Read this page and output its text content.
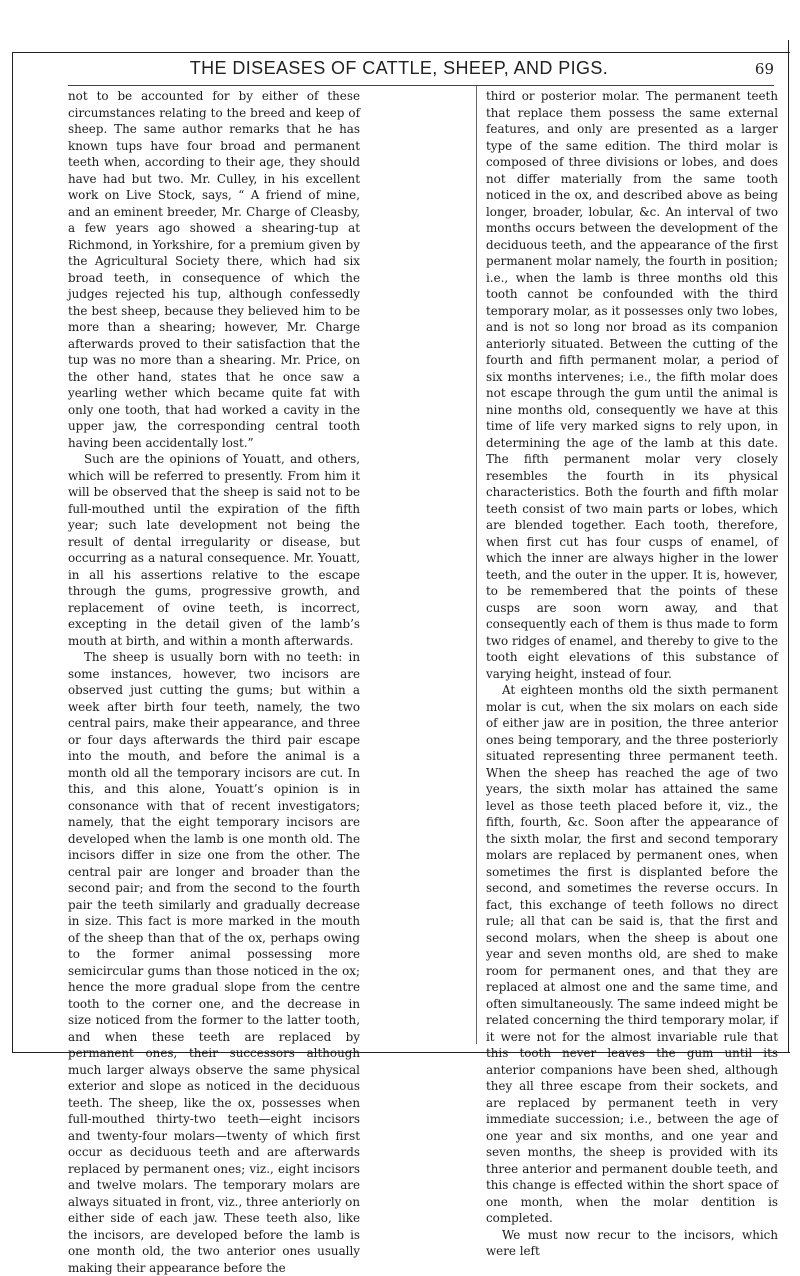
THE DISEASES OF CATTLE, SHEEP, AND PIGS.	69

not to be accounted for by either of these circumstances relating to the breed and keep of sheep. The same author remarks that he has known tups have four broad and permanent teeth when, according to their age, they should have had but two. Mr. Culley, in his excellent work on Live Stock, says, “ A friend of mine, and an eminent breeder, Mr. Charge of Cleasby, a few years ago showed a shearing-tup at Richmond, in Yorkshire, for a premium given by the Agricultural Society there, which had six broad teeth, in consequence of which the judges rejected his tup, although confessedly the best sheep, because they believed him to be more than a shearing; however, Mr. Charge afterwards proved to their satisfaction that the tup was no more than a shearing. Mr. Price, on the other hand, states that he once saw a yearling wether which became quite fat with only one tooth, that had worked a cavity in the upper jaw, the corresponding central tooth having been accidentally lost.”

Such are the opinions of Youatt, and others, which will be referred to presently. From him it will be observed that the sheep is said not to be full-mouthed until the expiration of the fifth year; such late development not being the result of dental irregularity or disease, but occurring as a natural consequence. Mr. Youatt, in all his assertions relative to the escape through the gums, progressive growth, and replacement of ovine teeth, is incorrect, excepting in the detail given of the lamb’s mouth at birth, and within a month afterwards.

The sheep is usually born with no teeth: in some instances, however, two incisors are observed just cutting the gums; but within a week after birth four teeth, namely, the two central pairs, make their appearance, and three or four days afterwards the third pair escape into the mouth, and before the animal is a month old all the temporary incisors are cut. In this, and this alone, Youatt’s opinion is in consonance with that of recent investigators; namely, that the eight temporary incisors are developed when the lamb is one month old. The incisors differ in size one from the other. The central pair are longer and broader than the second pair; and from the second to the fourth pair the teeth similarly and gradually decrease in size. This fact is more marked in the mouth of the sheep than that of the ox, perhaps owing to the former animal possessing more semicircular gums than those noticed in the ox; hence the more gradual slope from the centre tooth to the corner one, and the decrease in size noticed from the former to the latter tooth, and when these teeth are replaced by permanent ones, their successors although much larger always observe the same physical exterior and slope as noticed in the deciduous teeth. The sheep, like the ox, possesses when full-mouthed thirty-two teeth—eight incisors and twenty-four molars—twenty of which first occur as deciduous teeth and are afterwards replaced by permanent ones; viz., eight incisors and twelve molars. The temporary molars are always situated in front, viz., three anteriorly on either side of each jaw. These teeth also, like the incisors, are developed before the lamb is one month old, the two anterior ones usually making their appearance before the

third or posterior molar. The permanent teeth that replace them possess the same external features, and only are presented as a larger type of the same edition. The third molar is composed of three divisions or lobes, and does not differ materially from the same tooth noticed in the ox, and described above as being longer, broader, lobular, &c. An interval of two months occurs between the development of the deciduous teeth, and the appearance of the first permanent molar namely, the fourth in position; i.e., when the lamb is three months old this tooth cannot be confounded with the third temporary molar, as it possesses only two lobes, and is not so long nor broad as its companion anteriorly situated. Between the cutting of the fourth and fifth permanent molar, a period of six months intervenes; i.e., the fifth molar does not escape through the gum until the animal is nine months old, consequently we have at this time of life very marked signs to rely upon, in determining the age of the lamb at this date. The fifth permanent molar very closely resembles the fourth in its physical characteristics. Both the fourth and fifth molar teeth consist of two main parts or lobes, which are blended together. Each tooth, therefore, when first cut has four cusps of enamel, of which the inner are always higher in the lower teeth, and the outer in the upper. It is, however, to be remembered that the points of these cusps are soon worn away, and that consequently each of them is thus made to form two ridges of enamel, and thereby to give to the tooth eight elevations of this substance of varying height, instead of four.

At eighteen months old the sixth permanent molar is cut, when the six molars on each side of either jaw are in position, the three anterior ones being temporary, and the three posteriorly situated representing three permanent teeth. When the sheep has reached the age of two years, the sixth molar has attained the same level as those teeth placed before it, viz., the fifth, fourth, &c. Soon after the appearance of the sixth molar, the first and second temporary molars are replaced by permanent ones, when sometimes the first is displanted before the second, and sometimes the reverse occurs. In fact, this exchange of teeth follows no direct rule; all that can be said is, that the first and second molars, when the sheep is about one year and seven months old, are shed to make room for permanent ones, and that they are replaced at almost one and the same time, and often simultaneously. The same indeed might be related concerning the third temporary molar, if it were not for the almost invariable rule that this tooth never leaves the gum until its anterior companions have been shed, although they all three escape from their sockets, and are replaced by permanent teeth in very immediate succession; i.e., between the age of one year and six months, and one year and seven months, the sheep is provided with its three anterior and permanent double teeth, and this change is effected within the short space of one month, when the molar dentition is completed.

We must now recur to the incisors, which were left
